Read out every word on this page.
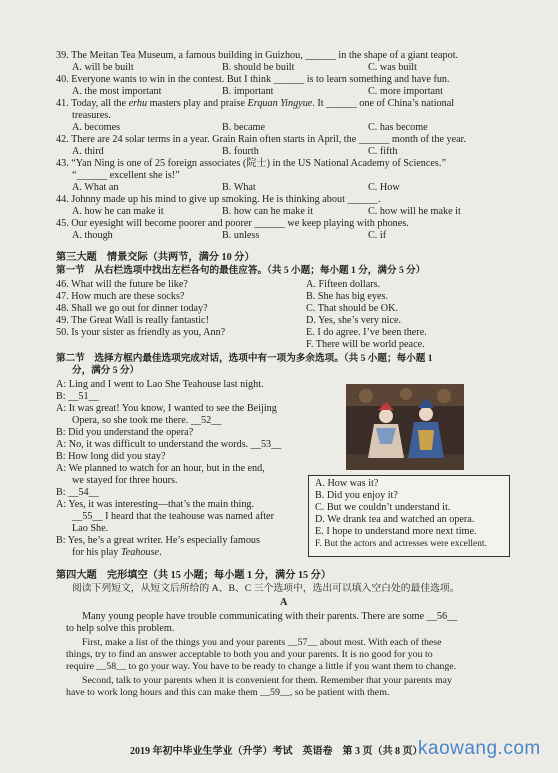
39. The Meitan Tea Museum, a famous building in Guizhou, ______ in the shape of a giant teapot.
A. will be built	B. should be built	C. was built
40. Everyone wants to win in the contest. But I think ______ is to learn something and have fun.
A. the most important	B. important	C. more important
41. Today, all the erhu masters play and praise Erquan Yingyue. It ______ one of China’s national
treasures.
A. becomes	B. became	C. has become
42. There are 24 solar terms in a year. Grain Rain often starts in April, the ______ month of the year.
A. third	B. fourth	C. fifth
43. “Yan Ning is one of 25 foreign associates (院士) in the US National Academy of Sciences.”
“______ excellent she is!”
A. What an	B. What	C. How
44. Johnny made up his mind to give up smoking. He is thinking about ______.
A. how he can make it	B. how can he make it	C. how will he make it
45. Our eyesight will become poorer and poorer ______ we keep playing with phones.
A. though	B. unless	C. if
第三大题　情景交际（共两节，满分 10 分）
第一节　从右栏选项中找出左栏各句的最佳应答。（共 5 小题；每小题 1 分，满分 5 分）
46. What will the future be like?
47. How much are these socks?
48. Shall we go out for dinner today?
49. The Great Wall is really fantastic!
50. Is your sister as friendly as you, Ann?
A. Fifteen dollars.
B. She has big eyes.
C. That should be OK.
D. Yes, she’s very nice.
E. I do agree. I’ve been there.
F. There will be world peace.
第二节　选择方框内最佳选项完成对话，选项中有一项为多余选项。（共 5 小题；每小题 1
分，满分 5 分）
A: Ling and I went to Lao She Teahouse last night.
B: __51__
A: It was great! You know, I wanted to see the Beijing
Opera, so she took me there. __52__
B: Did you understand the opera?
A: No, it was difficult to understand the words. __53__
B: How long did you stay?
A: We planned to watch for an hour, but in the end,
we stayed for three hours.
B: __54__
A: Yes, it was interesting—that’s the main thing.
__55__ I heard that the teahouse was named after
Lao She.
B: Yes, he’s a great writer. He’s especially famous
for his play Teahouse.
A. How was it?
B. Did you enjoy it?
C. But we couldn’t understand it.
D. We drank tea and watched an opera.
E. I hope to understand more next time.
F. But the actors and actresses were excellent.
第四大题　完形填空（共 15 小题；每小题 1 分，满分 15 分）
阅读下列短文，从短文后所给的 A、B、C 三个选项中，选出可以填入空白处的最佳选项。
A
Many young people have trouble communicating with their parents. There are some __56__
to help solve this problem.
First, make a list of the things you and your parents __57__ about most. With each of these
things, try to find an answer acceptable to both you and your parents. It is no good for you to
require __58__ to go your way. You have to be ready to change a little if you want them to change.
Second, talk to your parents when it is convenient for them. Remember that your parents may
have to work long hours and this can make them __59__, so be patient with them.
2019 年初中毕业生学业（升学）考试　英语卷　第 3 页（共 8 页）
kaowang.com
